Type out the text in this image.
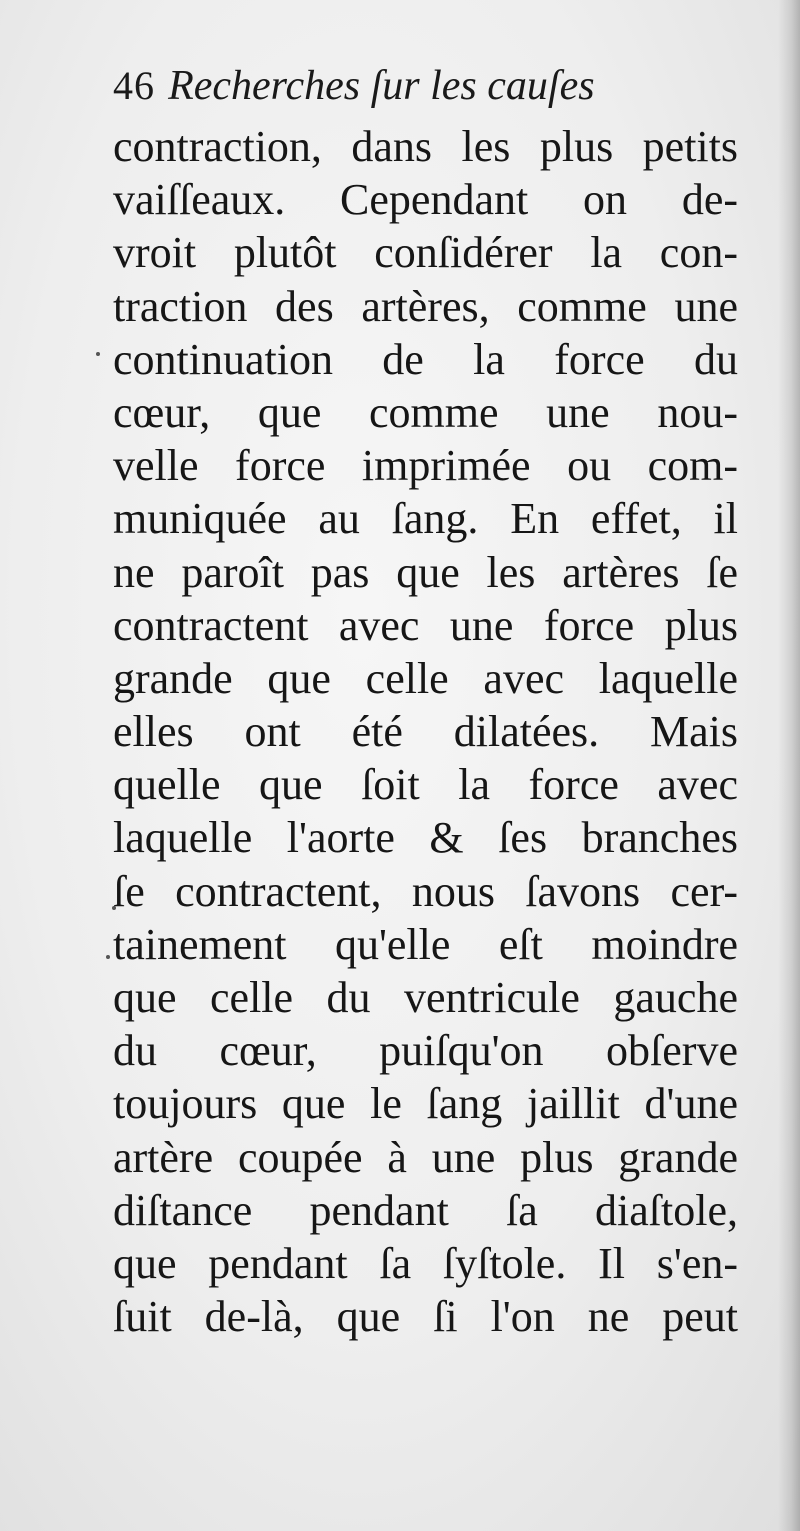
46 Recherches ſur les cauſes
contraction, dans les plus petits
vaiſſeaux. Cependant on de-
vroit plutôt conſidérer la con-
traction des artères, comme une
continuation de la force du
cœur, que comme une nou-
velle force imprimée ou com-
muniquée au ſang. En effet, il
ne paroît pas que les artères ſe
contractent avec une force plus
grande que celle avec laquelle
elles ont été dilatées. Mais
quelle que ſoit la force avec
laquelle l'aorte & ſes branches
ſe contractent, nous ſavons cer-
tainement qu'elle eſt moindre
que celle du ventricule gauche
du cœur, puiſqu'on obſerve
toujours que le ſang jaillit d'une
artère coupée à une plus grande
diſtance pendant ſa diaſtole,
que pendant ſa ſyſtole. Il s'en-
ſuit de-là, que ſi l'on ne peut
